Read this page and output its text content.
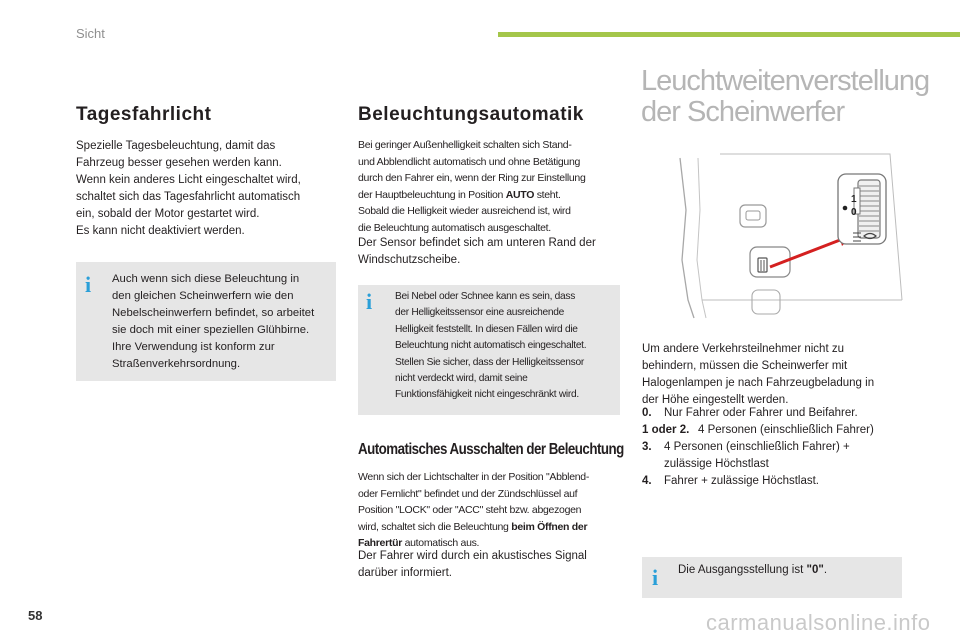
Sicht
Tagesfahrlicht

Spezielle Tagesbeleuchtung, damit das

Fahrzeug besser gesehen werden kann.

Wenn kein anderes Licht eingeschaltet wird,

schaltet sich das Tagesfahrlicht automatisch

ein, sobald der Motor gestartet wird.

Es kann nicht deaktiviert werden.

i Auch wenn sich diese Beleuchtung in

den gleichen Scheinwerfern wie den

Nebelscheinwerfern befindet, so arbeitet

sie doch mit einer speziellen Glühbirne.

Ihre Verwendung ist konform zur

Straßenverkehrsordnung.

Beleuchtungsautomatik

Bei geringer Außenhelligkeit schalten sich Stand-

und Abblendlicht automatisch und ohne Betätigung

durch den Fahrer ein, wenn der Ring zur Einstellung

der Hauptbeleuchtung in Position AUTO steht.

Sobald die Helligkeit wieder ausreichend ist, wird

die Beleuchtung automatisch ausgeschaltet.

Der Sensor befindet sich am unteren Rand der

Windschutzscheibe.

i Bei Nebel oder Schnee kann es sein, dass

der Helligkeitssensor eine ausreichende

Helligkeit feststellt. In diesen Fällen wird die

Beleuchtung nicht automatisch eingeschaltet.

Stellen Sie sicher, dass der Helligkeitssensor

nicht verdeckt wird, damit seine

Funktionsfähigkeit nicht eingeschränkt wird.

Automatisches Ausschalten der Beleuchtung

Wenn sich der Lichtschalter in der Position "Abblend-

oder Fernlicht" befindet und der Zündschlüssel auf

Position "LOCK" oder "ACC" steht bzw. abgezogen

wird, schaltet sich die Beleuchtung beim Öffnen der

Fahrertür automatisch aus.

Der Fahrer wird durch ein akustisches Signal

darüber informiert.

Leuchtweitenverstellung
der Scheinwerfer
1
0

Um andere Verkehrsteilnehmer nicht zu

behindern, müssen die Scheinwerfer mit

Halogenlampen je nach Fahrzeugbeladung in

der Höhe eingestellt werden.

0. Nur Fahrer oder Fahrer und Beifahrer.
1 oder 2. 4 Personen (einschließlich Fahrer)
3. 4 Personen (einschließlich Fahrer) +
zulässige Höchstlast
4. Fahrer + zulässige Höchstlast.
i Die Ausgangsstellung ist "0".
58	carmanualsonline.info
